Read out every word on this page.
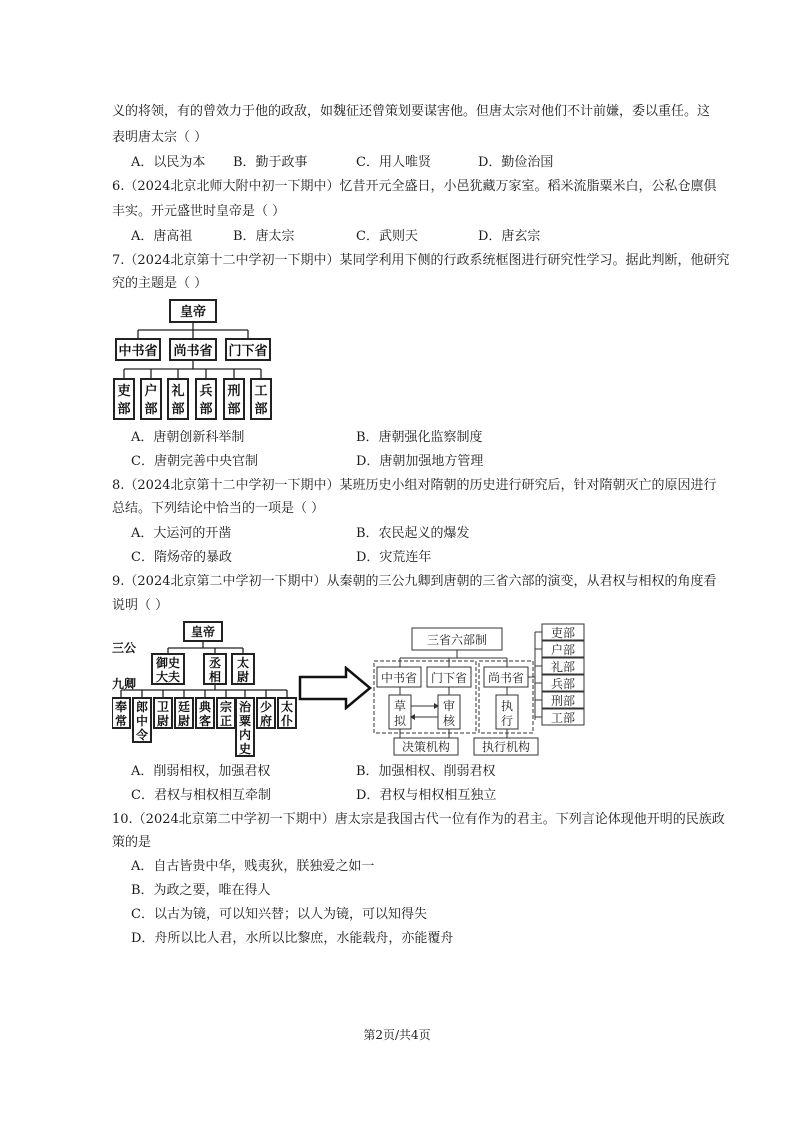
义的将领，有的曾效力于他的政敌，如魏征还曾策划要谋害他。但唐太宗对他们不计前嫌，委以重任。这
表明唐太宗（ ）
A．以民为本 B．勤于政事	C．用人唯贤	D．勤俭治国
6.（2024北京北师大附中初一下期中）忆昔开元全盛日，小邑犹藏万家室。稻米流脂粟米白，公私仓廪俱
丰实。开元盛世时皇帝是（ ）
A．唐高祖	B．唐太宗	C．武则天	D．唐玄宗
7.（2024北京第十二中学初一下期中）某同学利用下侧的行政系统框图进行研究性学习。据此判断，他研究
究的主题是（ ）
皇帝
中书省 尚书省 门下省
吏
部
户
部
礼
部
兵
部
刑
部
工
部
A．唐朝创新科举制	B．唐朝强化监察制度
C．唐朝完善中央官制	D．唐朝加强地方管理
8.（2024北京第十二中学初一下期中）某班历史小组对隋朝的历史进行研究后，针对隋朝灭亡的原因进行
总结。下列结论中恰当的一项是（ ）
A．大运河的开凿	B．农民起义的爆发
C．隋炀帝的暴政	D．灾荒连年
9.（2024北京第二中学初一下期中）从秦朝的三公九卿到唐朝的三省六部的演变，从君权与相权的角度看
说明（ ）
皇帝
三公
九卿
御史
大夫
丞
相
太
尉
奉
常
郎
中
令
卫
尉
廷
尉
典
客
宗
正
治
粟
内
史
少
府
太
仆
三省六部制
中书省 门下省 尚书省
草
拟
审
核
执
行
决策机构	执行机构
吏部
户部
礼部
兵部
刑部
工部
A．削弱相权，加强君权	B．加强相权、削弱君权
C．君权与相权相互牵制	D．君权与相权相互独立
10.（2024北京第二中学初一下期中）唐太宗是我国古代一位有作为的君主。下列言论体现他开明的民族政
策的是
A．自古皆贵中华，贱夷狄，朕独爱之如一
B．为政之要，唯在得人
C．以古为镜，可以知兴替；以人为镜，可以知得失
D．舟所以比人君，水所以比黎庶，水能载舟，亦能覆舟
第2页/共4页
